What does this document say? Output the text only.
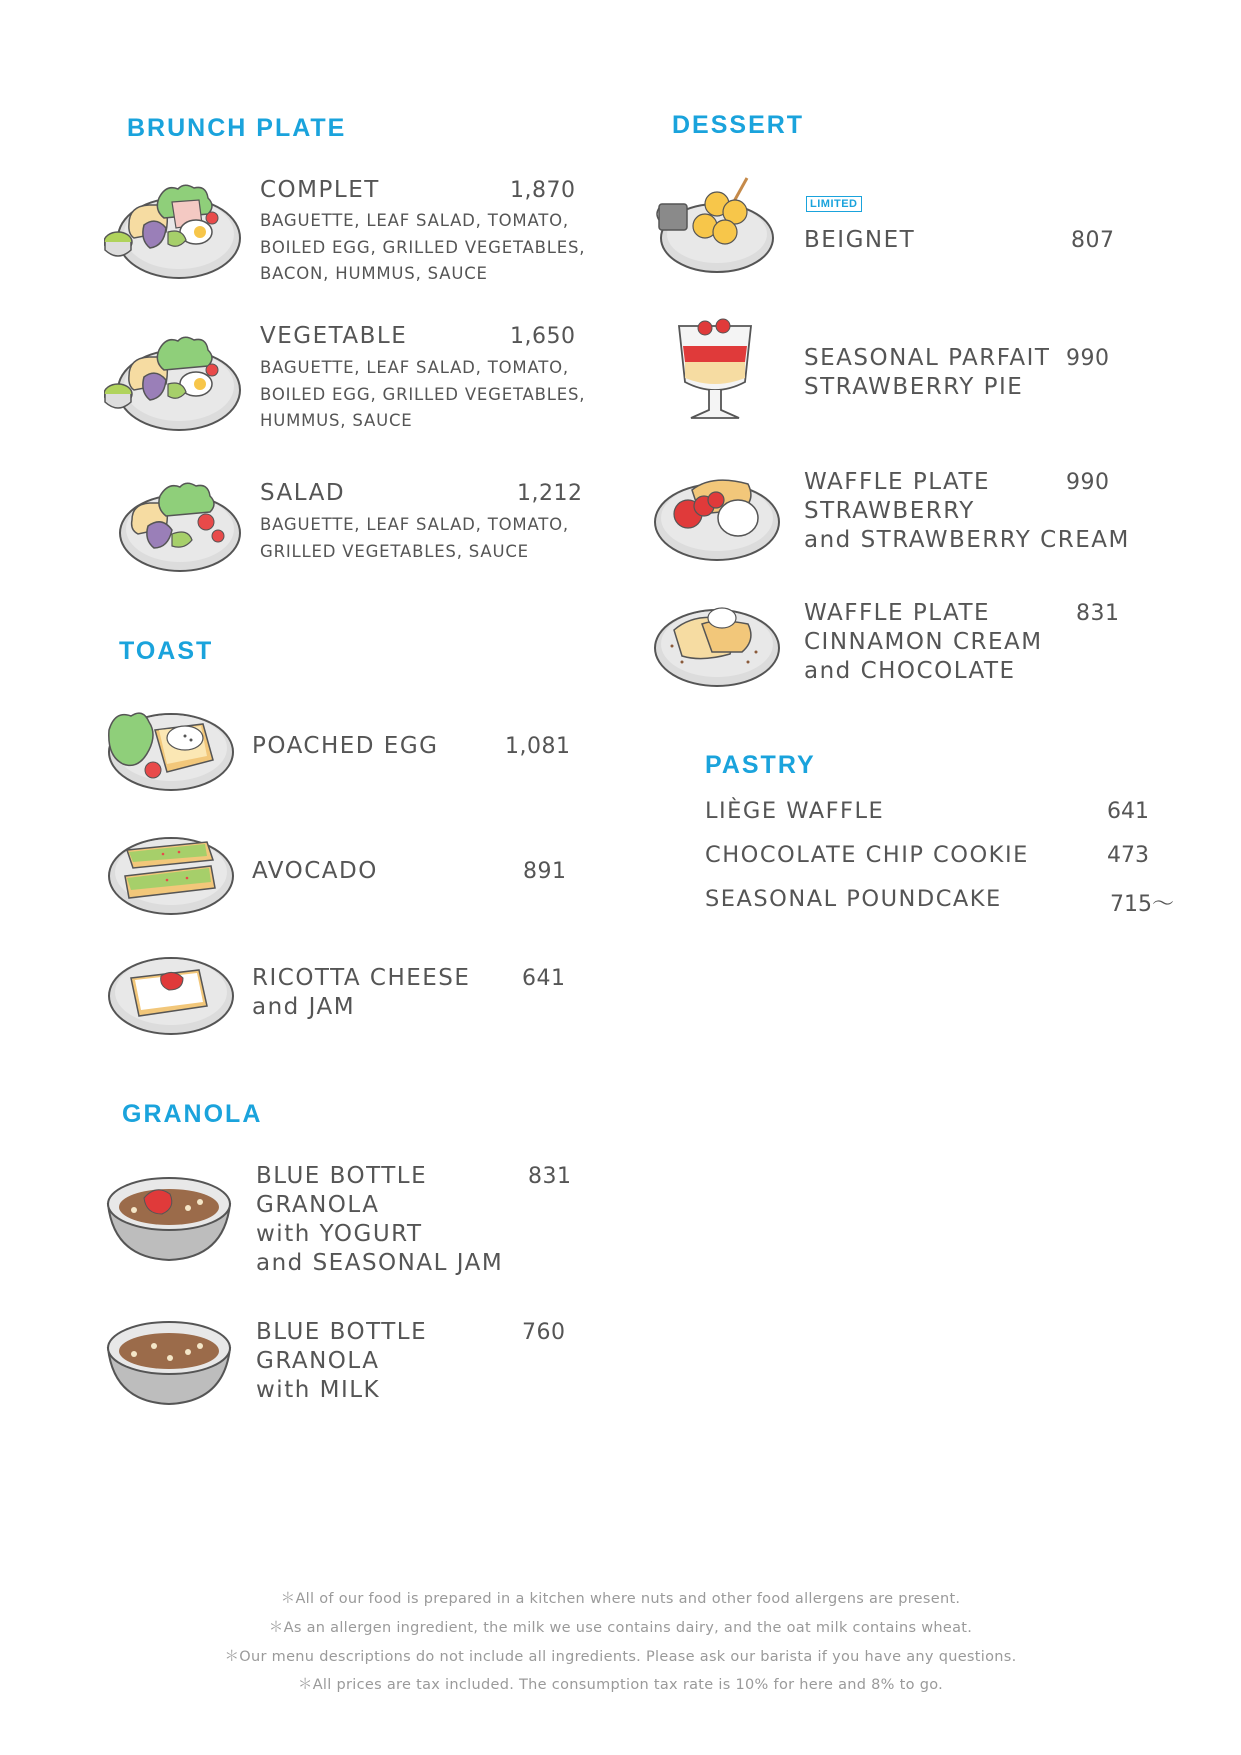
BRUNCH PLATE
COMPLET	1,870
BAGUETTE, LEAF SALAD, TOMATO,
BOILED EGG, GRILLED VEGETABLES,
BACON, HUMMUS, SAUCE
VEGETABLE	1,650
BAGUETTE, LEAF SALAD, TOMATO,
BOILED EGG, GRILLED VEGETABLES,
HUMMUS, SAUCE
SALAD	1,212
BAGUETTE, LEAF SALAD, TOMATO,
GRILLED VEGETABLES, SAUCE
TOAST
POACHED EGG	1,081
AVOCADO	891
RICOTTA CHEESE
and JAM
641
GRANOLA
BLUE BOTTLE
GRANOLA
with YOGURT
and SEASONAL JAM
831
BLUE BOTTLE
GRANOLA
with MILK
760
DESSERT
LIMITED
BEIGNET	807
SEASONAL PARFAIT
STRAWBERRY PIE
990
WAFFLE PLATE
STRAWBERRY
and STRAWBERRY CREAM
990
WAFFLE PLATE
CINNAMON CREAM
and CHOCOLATE
831
PASTRY
LIÈGE WAFFLE	641
CHOCOLATE CHIP COOKIE	473
SEASONAL POUNDCAKE	715〜
＊All of our food is prepared in a kitchen where nuts and other food allergens are present.
＊As an allergen ingredient, the milk we use contains dairy, and the oat milk contains wheat.
＊Our menu descriptions do not include all ingredients. Please ask our barista if you have any questions.
＊All prices are tax included. The consumption tax rate is 10% for here and 8% to go.
